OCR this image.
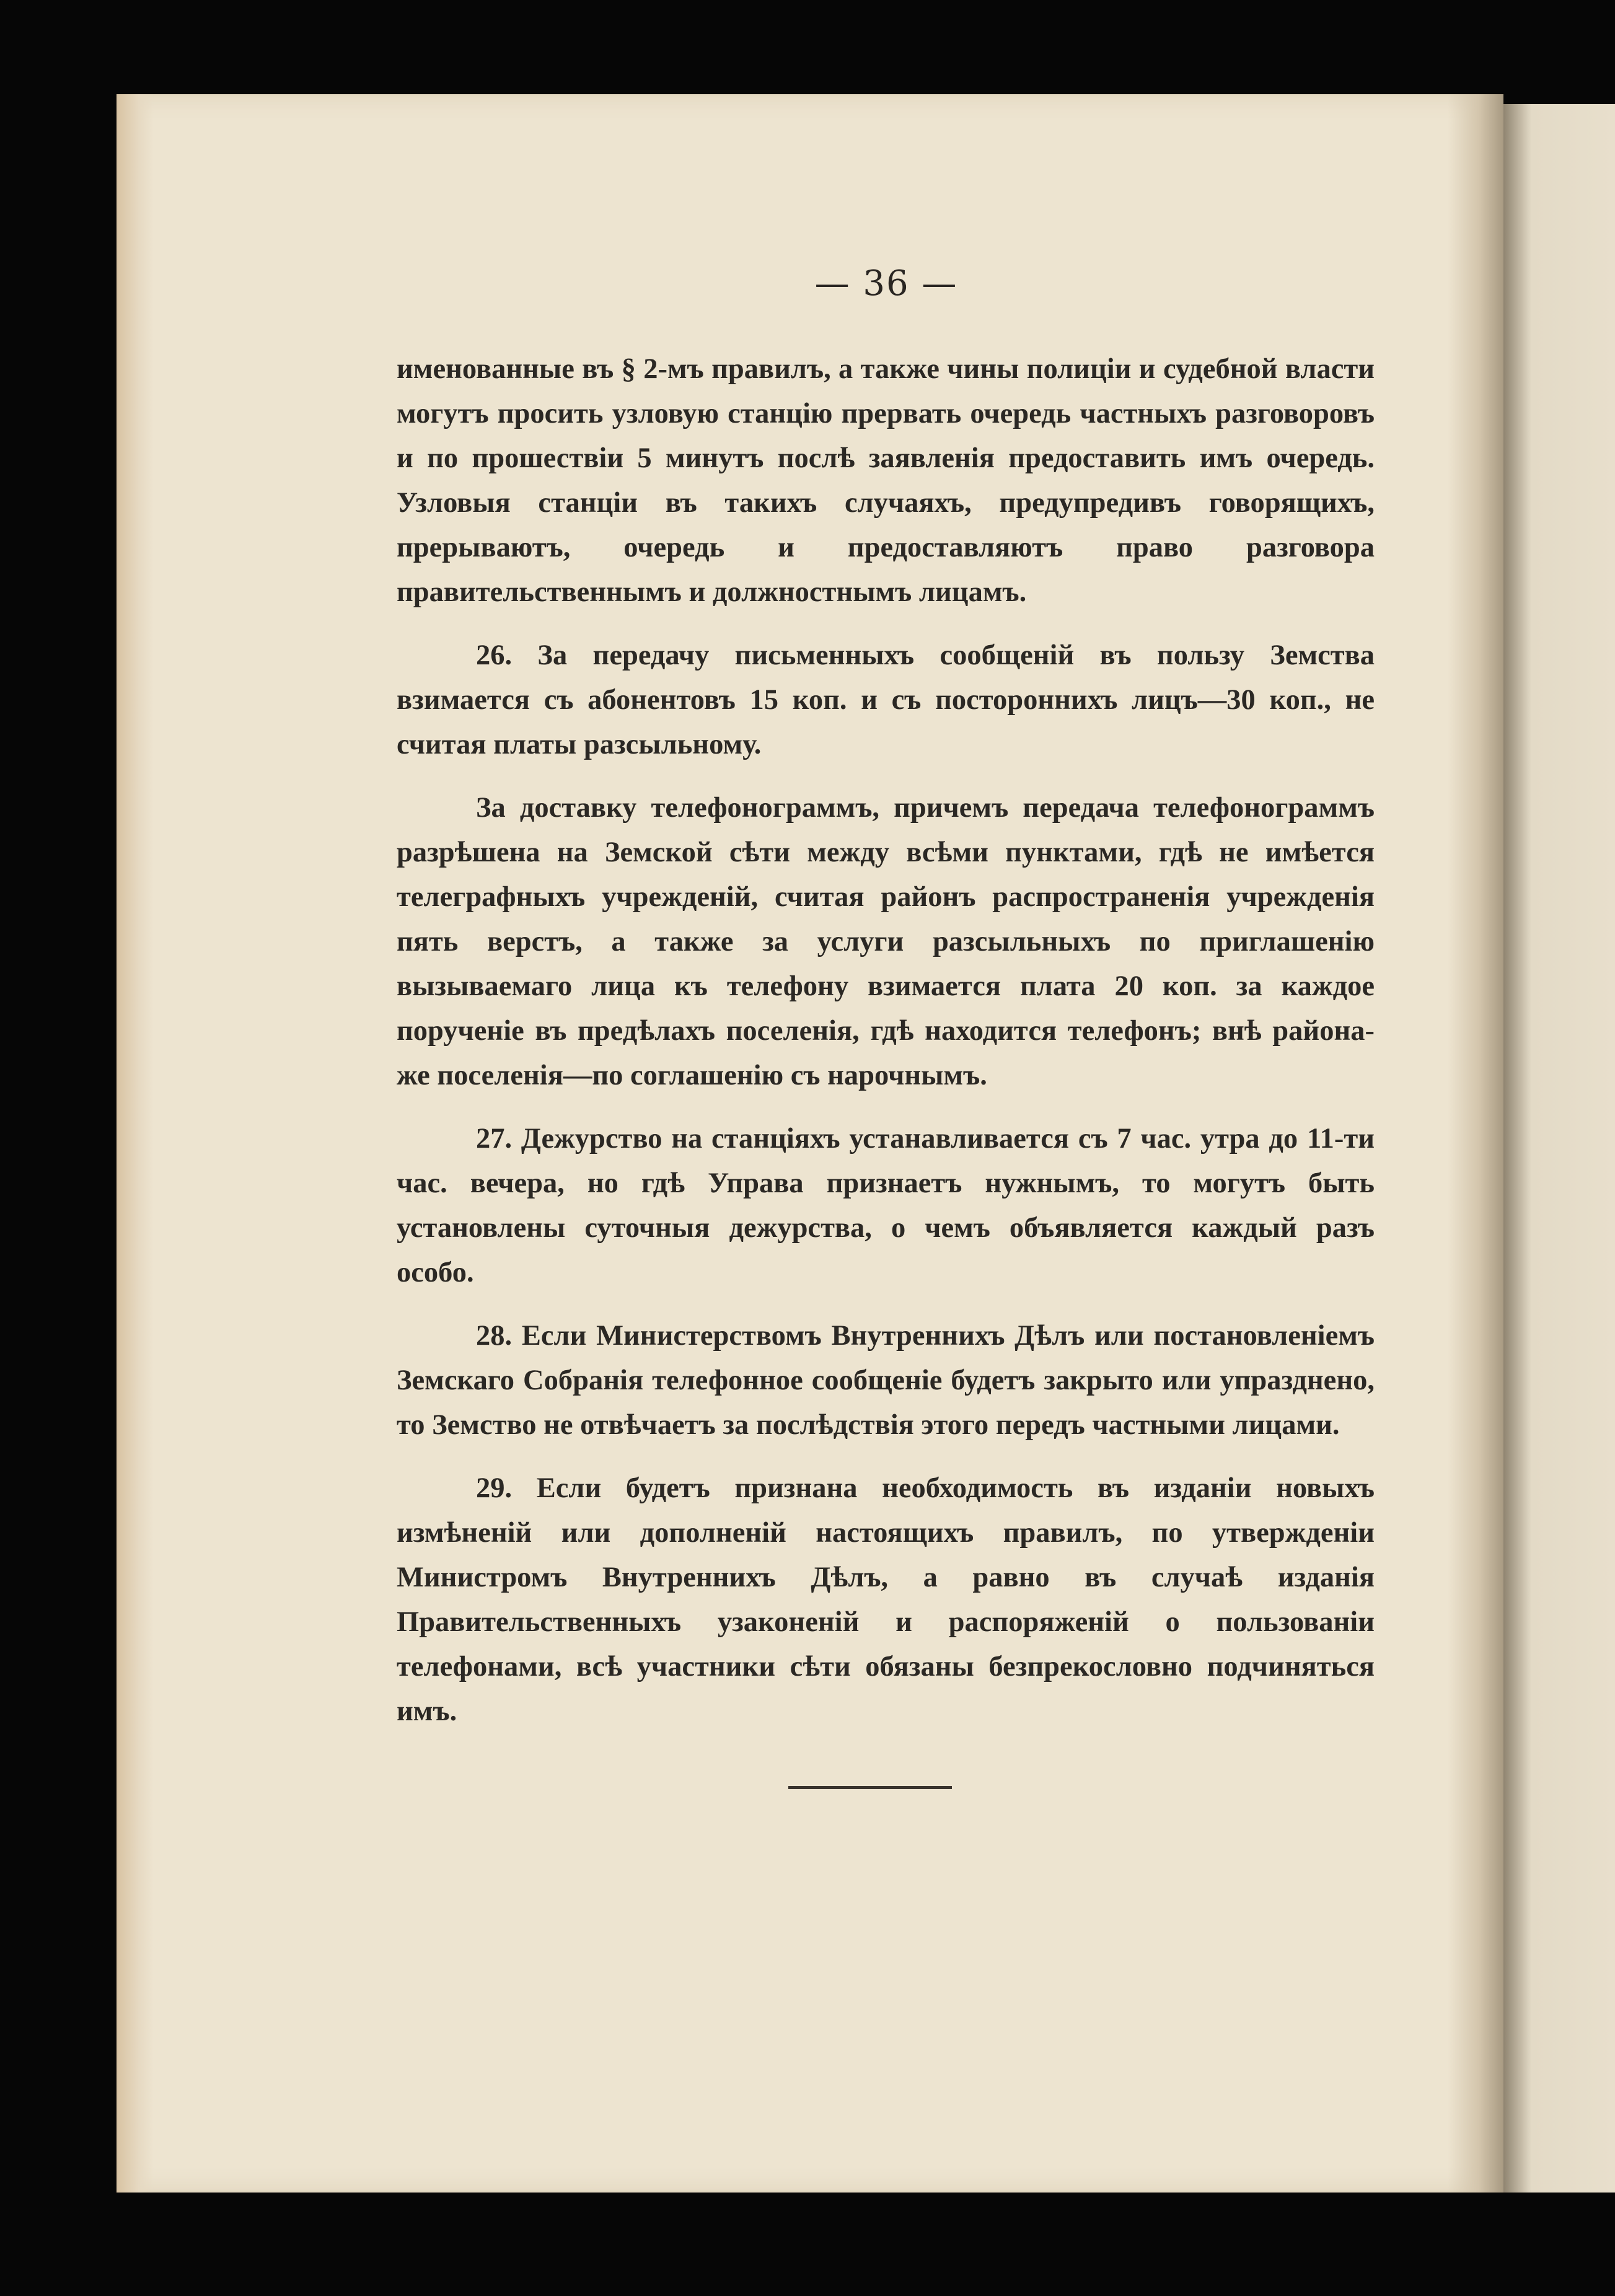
— 36 —

именованные въ § 2-мъ правилъ, а также чины полиціи и судебной власти могутъ просить узловую станцію прервать очередь частныхъ разговоровъ и по прошествіи 5 минутъ послѣ заявленія предоставить имъ очередь. Узловыя станціи въ такихъ случаяхъ, предупредивъ говорящихъ, прерываютъ, очередь и предоставляютъ право разговора правительственнымъ и должностнымъ лицамъ.

26. За передачу письменныхъ сообщеній въ пользу Земства взимается съ абонентовъ 15 коп. и съ постороннихъ лицъ—30 коп., не считая платы разсыльному.

За доставку телефонограммъ, причемъ передача телефонограммъ разрѣшена на Земской сѣти между всѣми пунктами, гдѣ не имѣется телеграфныхъ учрежденій, считая районъ распространенія учрежденія пять верстъ, а также за услуги разсыльныхъ по приглашенію вызываемаго лица къ телефону взимается плата 20 коп. за каждое порученіе въ предѣлахъ поселенія, гдѣ находится телефонъ; внѣ района-же поселенія—по соглашенію съ нарочнымъ.

27. Дежурство на станціяхъ устанавливается съ 7 час. утра до 11-ти час. вечера, но гдѣ Управа признаетъ нужнымъ, то могутъ быть установлены суточныя дежурства, о чемъ объявляется каждый разъ особо.

28. Если Министерствомъ Внутреннихъ Дѣлъ или постановленіемъ Земскаго Собранія телефонное сообщеніе будетъ закрыто или упразднено, то Земство не отвѣчаетъ за послѣдствія этого передъ частными лицами.

29. Если будетъ признана необходимость въ изданіи новыхъ измѣненій или дополненій настоящихъ правилъ, по утвержденіи Министромъ Внутреннихъ Дѣлъ, а равно въ случаѣ изданія Правительственныхъ узаконеній и распоряженій о пользованіи телефонами, всѣ участники сѣти обязаны безпрекословно подчиняться имъ.
